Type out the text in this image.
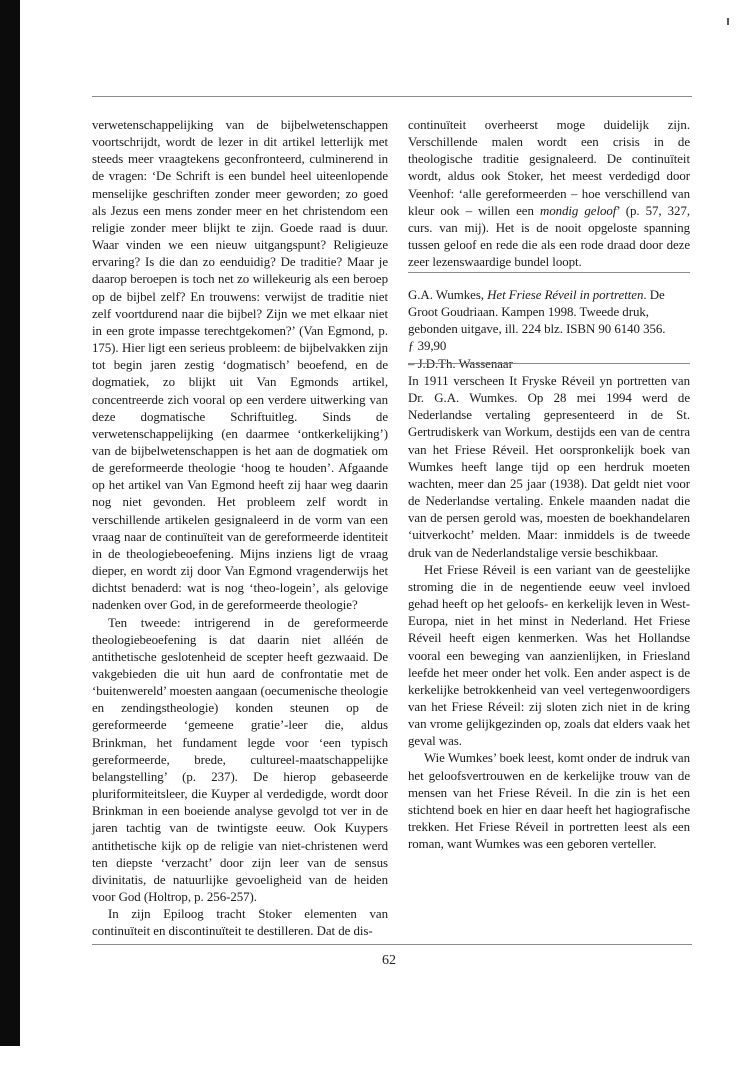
verwetenschappelijking van de bijbelwetenschappen voortschrijdt, wordt de lezer in dit artikel letterlijk met steeds meer vraagtekens geconfronteerd, culminerend in de vragen: ‘De Schrift is een bundel heel uiteenlopende menselijke geschriften zonder meer geworden; zo goed als Jezus een mens zonder meer en het christendom een religie zonder meer blijkt te zijn. Goede raad is duur. Waar vinden we een nieuw uitgangspunt? Religieuze ervaring? Is die dan zo eenduidig? De traditie? Maar je daarop beroepen is toch net zo willekeurig als een beroep op de bijbel zelf? En trouwens: verwijst de traditie niet zelf voortdurend naar die bijbel? Zijn we met elkaar niet in een grote impasse terechtgekomen?’ (Van Egmond, p. 175). Hier ligt een serieus probleem: de bijbelvakken zijn tot begin jaren zestig ‘dogmatisch’ beoefend, en de dogmatiek, zo blijkt uit Van Egmonds artikel, concentreerde zich vooral op een verdere uitwerking van deze dogmatische Schriftuitleg. Sinds de verwetenschappelijking (en daarmee ‘ontkerkelijking’) van de bijbelwetenschappen is het aan de dogmatiek om de gereformeerde theologie ‘hoog te houden’. Afgaande op het artikel van Van Egmond heeft zij haar weg daarin nog niet gevonden. Het probleem zelf wordt in verschillende artikelen gesignaleerd in de vorm van een vraag naar de continuïteit van de gereformeerde identiteit in de theologiebeoefening. Mijns inziens ligt de vraag dieper, en wordt zij door Van Egmond vragenderwijs het dichtst benaderd: wat is nog ‘theo-logein’, als gelovige nadenken over God, in de gereformeerde theologie?

Ten tweede: intrigerend in de gereformeerde theologiebeoefening is dat daarin niet alléén de antithetische geslotenheid de scepter heeft gezwaaid. De vakgebieden die uit hun aard de confrontatie met de ‘buitenwereld’ moesten aangaan (oecumenische theologie en zendingstheologie) konden steunen op de gereformeerde ‘gemeene gratie’-leer die, aldus Brinkman, het fundament legde voor ‘een typisch gereformeerde, brede, cultureel-maatschappelijke belangstelling’ (p. 237). De hierop gebaseerde pluriformiteitsleer, die Kuyper al verdedigde, wordt door Brinkman in een boeiende analyse gevolgd tot ver in de jaren tachtig van de twintigste eeuw. Ook Kuypers antithetische kijk op de religie van niet-christenen werd ten diepste ‘verzacht’ door zijn leer van de sensus divinitatis, de natuurlijke gevoeligheid van de heiden voor God (Holtrop, p. 256-257).

In zijn Epiloog tracht Stoker elementen van continuïteit en discontinuïteit te destilleren. Dat de dis-

continuïteit overheerst moge duidelijk zijn. Verschillende malen wordt een crisis in de theologische traditie gesignaleerd. De continuïteit wordt, aldus ook Stoker, het meest verdedigd door Veenhof: ‘alle gereformeerden – hoe verschillend van kleur ook – willen een mondig geloof’ (p. 57, 327, curs. van mij). Het is de nooit opgeloste spanning tussen geloof en rede die als een rode draad door deze zeer lezenswaardige bundel loopt.

G.A. Wumkes, Het Friese Réveil in portretten. De Groot Goudriaan. Kampen 1998. Tweede druk, gebonden uitgave, ill. 224 blz. ISBN 90 6140 356.

ƒ 39,90
– J.D.Th. Wassenaar

In 1911 verscheen It Fryske Réveil yn portretten van Dr. G.A. Wumkes. Op 28 mei 1994 werd de Nederlandse vertaling gepresenteerd in de St. Gertrudiskerk van Workum, destijds een van de centra van het Friese Réveil. Het oorspronkelijk boek van Wumkes heeft lange tijd op een herdruk moeten wachten, meer dan 25 jaar (1938). Dat geldt niet voor de Nederlandse vertaling. Enkele maanden nadat die van de persen gerold was, moesten de boekhandelaren ‘uitverkocht’ melden. Maar: inmiddels is de tweede druk van de Nederlandstalige versie beschikbaar.

Het Friese Réveil is een variant van de geestelijke stroming die in de negentiende eeuw veel invloed gehad heeft op het geloofs- en kerkelijk leven in West-Europa, niet in het minst in Nederland. Het Friese Réveil heeft eigen kenmerken. Was het Hollandse vooral een beweging van aanzienlijken, in Friesland leefde het meer onder het volk. Een ander aspect is de kerkelijke betrokkenheid van veel vertegenwoordigers van het Friese Réveil: zij sloten zich niet in de kring van vrome gelijkgezinden op, zoals dat elders vaak het geval was.

Wie Wumkes’ boek leest, komt onder de indruk van het geloofsvertrouwen en de kerkelijke trouw van de mensen van het Friese Réveil. In die zin is het een stichtend boek en hier en daar heeft het hagiografische trekken. Het Friese Réveil in portretten leest als een roman, want Wumkes was een geboren verteller.

62
